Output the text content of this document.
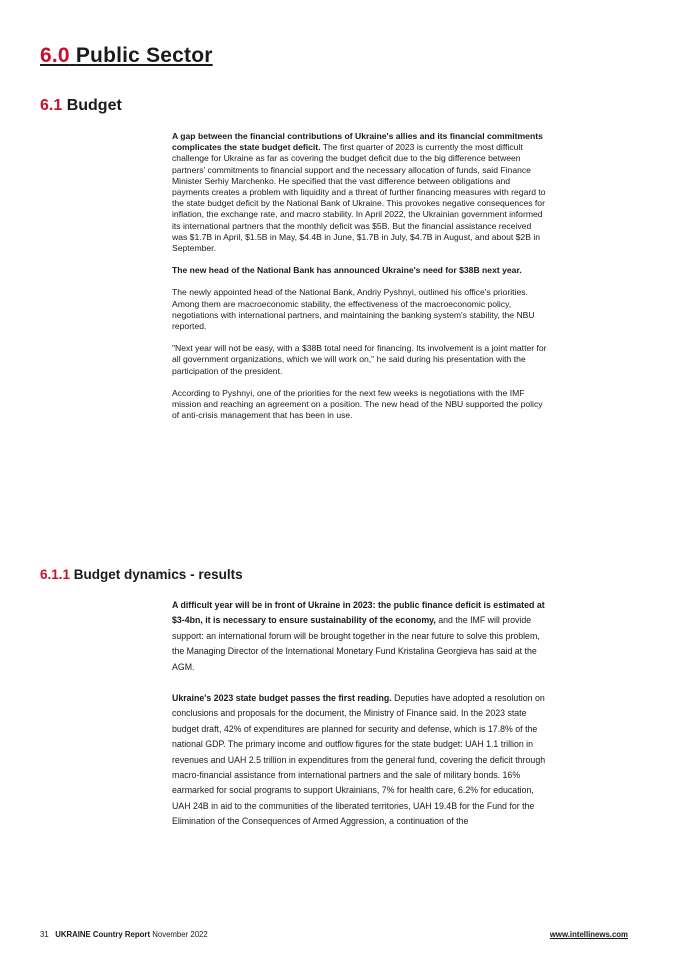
6.0 Public Sector
6.1 Budget

A gap between the financial contributions of Ukraine's allies and its financial commitments complicates the state budget deficit. The first quarter of 2023 is currently the most difficult challenge for Ukraine as far as covering the budget deficit due to the big difference between partners' commitments to financial support and the necessary allocation of funds, said Finance Minister Serhiy Marchenko. He specified that the vast difference between obligations and payments creates a problem with liquidity and a threat of further financing measures with regard to the state budget deficit by the National Bank of Ukraine. This provokes negative consequences for inflation, the exchange rate, and macro stability. In April 2022, the Ukrainian government informed its international partners that the monthly deficit was $5B. But the financial assistance received was $1.7B in April, $1.5B in May, $4.4B in June, $1.7B in July, $4.7B in August, and about $2B in September.

The new head of the National Bank has announced Ukraine's need for $38B next year.

The newly appointed head of the National Bank, Andriy Pyshnyi, outlined his office's priorities. Among them are macroeconomic stability, the effectiveness of the macroeconomic policy, negotiations with international partners, and maintaining the banking system's stability, the NBU reported.

"Next year will not be easy, with a $38B total need for financing. Its involvement is a joint matter for all government organizations, which we will work on," he said during his presentation with the participation of the president.

According to Pyshnyi, one of the priorities for the next few weeks is negotiations with the IMF mission and reaching an agreement on a position. The new head of the NBU supported the policy of anti-crisis management that has been in use.

6.1.1 Budget dynamics - results

A difficult year will be in front of Ukraine in 2023: the public finance deficit is estimated at $3-4bn, it is necessary to ensure sustainability of the economy, and the IMF will provide support: an international forum will be brought together in the near future to solve this problem, the Managing Director of the International Monetary Fund Kristalina Georgieva has said at the AGM.

Ukraine's 2023 state budget passes the first reading. Deputies have adopted a resolution on conclusions and proposals for the document, the Ministry of Finance said. In the 2023 state budget draft, 42% of expenditures are planned for security and defense, which is 17.8% of the national GDP. The primary income and outflow figures for the state budget: UAH 1.1 trillion in revenues and UAH 2.5 trillion in expenditures from the general fund, covering the deficit through macro-financial assistance from international partners and the sale of military bonds. 16% earmarked for social programs to support Ukrainians, 7% for health care, 6.2% for education, UAH 24B in aid to the communities of the liberated territories, UAH 19.4B for the Fund for the Elimination of the Consequences of Armed Aggression, a continuation of the

31 UKRAINE Country Report November 2022	www.intellinews.com
